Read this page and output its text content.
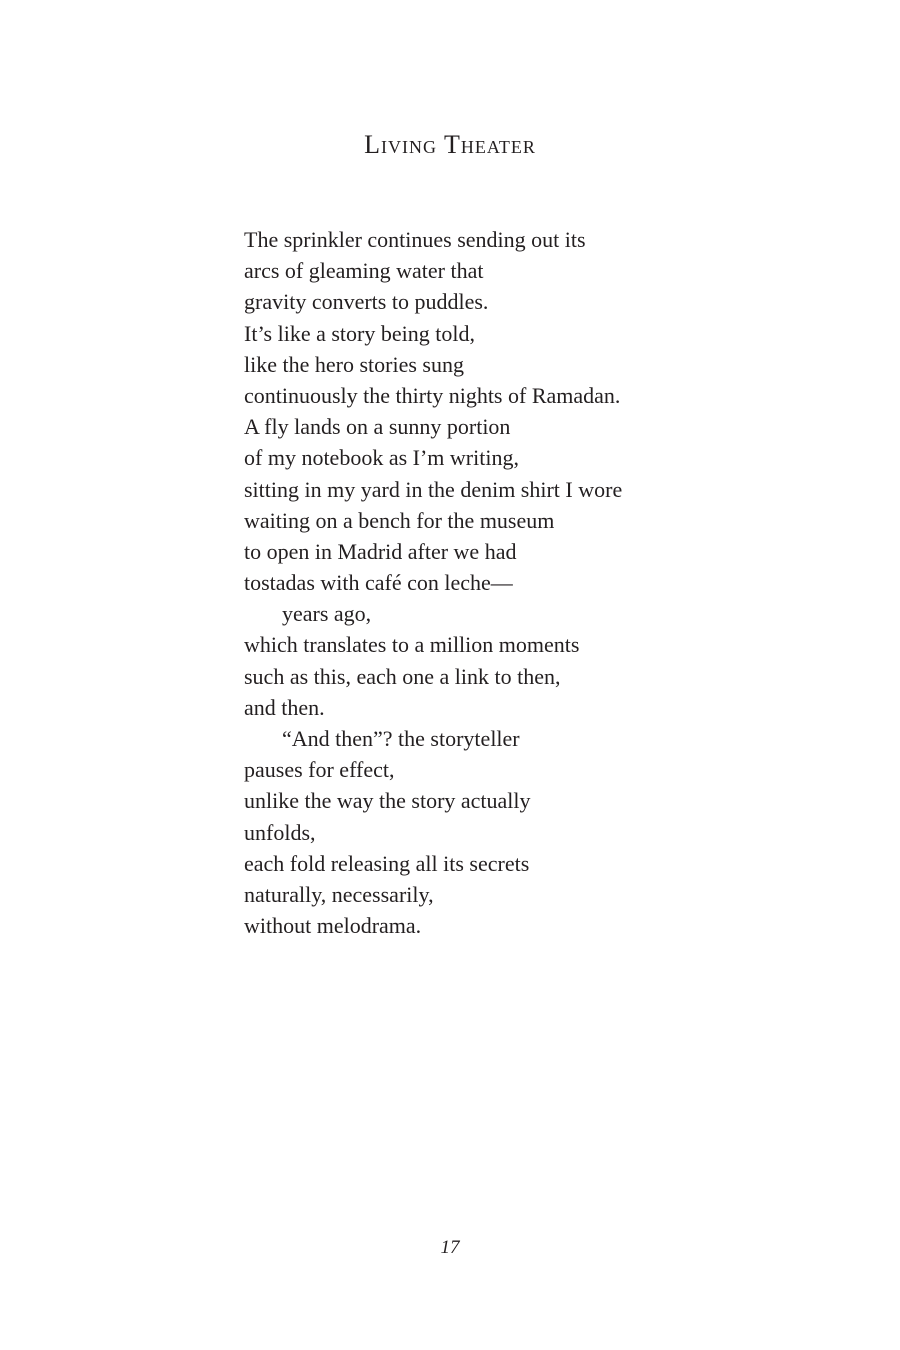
Living Theater
The sprinkler continues sending out its
arcs of gleaming water that
gravity converts to puddles.
It’s like a story being told,
like the hero stories sung
continuously the thirty nights of Ramadan.
A fly lands on a sunny portion
of my notebook as I’m writing,
sitting in my yard in the denim shirt I wore
waiting on a bench for the museum
to open in Madrid after we had
tostadas with café con leche—
years ago,
which translates to a million moments
such as this, each one a link to then,
and then.
“And then”? the storyteller
pauses for effect,
unlike the way the story actually
unfolds,
each fold releasing all its secrets
naturally, necessarily,
without melodrama.
17
